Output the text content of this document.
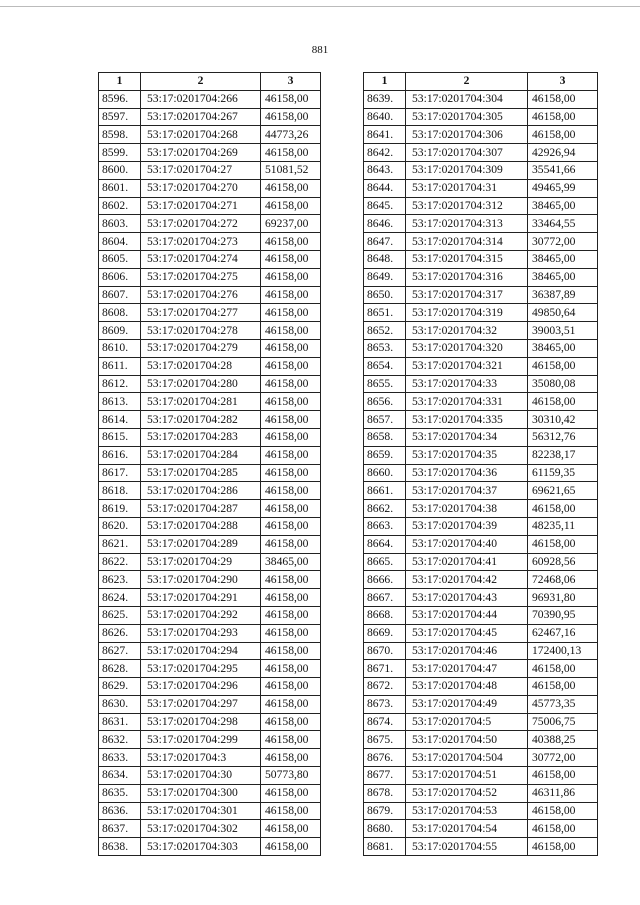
881
1	2	3
8596.	53:17:0201704:266	46158,00
8597.	53:17:0201704:267	46158,00
8598.	53:17:0201704:268	44773,26
8599.	53:17:0201704:269	46158,00
8600.	53:17:0201704:27	51081,52
8601.	53:17:0201704:270	46158,00
8602.	53:17:0201704:271	46158,00
8603.	53:17:0201704:272	69237,00
8604.	53:17:0201704:273	46158,00
8605.	53:17:0201704:274	46158,00
8606.	53:17:0201704:275	46158,00
8607.	53:17:0201704:276	46158,00
8608.	53:17:0201704:277	46158,00
8609.	53:17:0201704:278	46158,00
8610.	53:17:0201704:279	46158,00
8611.	53:17:0201704:28	46158,00
8612.	53:17:0201704:280	46158,00
8613.	53:17:0201704:281	46158,00
8614.	53:17:0201704:282	46158,00
8615.	53:17:0201704:283	46158,00
8616.	53:17:0201704:284	46158,00
8617.	53:17:0201704:285	46158,00
8618.	53:17:0201704:286	46158,00
8619.	53:17:0201704:287	46158,00
8620.	53:17:0201704:288	46158,00
8621.	53:17:0201704:289	46158,00
8622.	53:17:0201704:29	38465,00
8623.	53:17:0201704:290	46158,00
8624.	53:17:0201704:291	46158,00
8625.	53:17:0201704:292	46158,00
8626.	53:17:0201704:293	46158,00
8627.	53:17:0201704:294	46158,00
8628.	53:17:0201704:295	46158,00
8629.	53:17:0201704:296	46158,00
8630.	53:17:0201704:297	46158,00
8631.	53:17:0201704:298	46158,00
8632.	53:17:0201704:299	46158,00
8633.	53:17:0201704:3	46158,00
8634.	53:17:0201704:30	50773,80
8635.	53:17:0201704:300	46158,00
8636.	53:17:0201704:301	46158,00
8637.	53:17:0201704:302	46158,00
8638.	53:17:0201704:303	46158,00
1	2	3
8639.	53:17:0201704:304	46158,00
8640.	53:17:0201704:305	46158,00
8641.	53:17:0201704:306	46158,00
8642.	53:17:0201704:307	42926,94
8643.	53:17:0201704:309	35541,66
8644.	53:17:0201704:31	49465,99
8645.	53:17:0201704:312	38465,00
8646.	53:17:0201704:313	33464,55
8647.	53:17:0201704:314	30772,00
8648.	53:17:0201704:315	38465,00
8649.	53:17:0201704:316	38465,00
8650.	53:17:0201704:317	36387,89
8651.	53:17:0201704:319	49850,64
8652.	53:17:0201704:32	39003,51
8653.	53:17:0201704:320	38465,00
8654.	53:17:0201704:321	46158,00
8655.	53:17:0201704:33	35080,08
8656.	53:17:0201704:331	46158,00
8657.	53:17:0201704:335	30310,42
8658.	53:17:0201704:34	56312,76
8659.	53:17:0201704:35	82238,17
8660.	53:17:0201704:36	61159,35
8661.	53:17:0201704:37	69621,65
8662.	53:17:0201704:38	46158,00
8663.	53:17:0201704:39	48235,11
8664.	53:17:0201704:40	46158,00
8665.	53:17:0201704:41	60928,56
8666.	53:17:0201704:42	72468,06
8667.	53:17:0201704:43	96931,80
8668.	53:17:0201704:44	70390,95
8669.	53:17:0201704:45	62467,16
8670.	53:17:0201704:46	172400,13
8671.	53:17:0201704:47	46158,00
8672.	53:17:0201704:48	46158,00
8673.	53:17:0201704:49	45773,35
8674.	53:17:0201704:5	75006,75
8675.	53:17:0201704:50	40388,25
8676.	53:17:0201704:504	30772,00
8677.	53:17:0201704:51	46158,00
8678.	53:17:0201704:52	46311,86
8679.	53:17:0201704:53	46158,00
8680.	53:17:0201704:54	46158,00
8681.	53:17:0201704:55	46158,00
